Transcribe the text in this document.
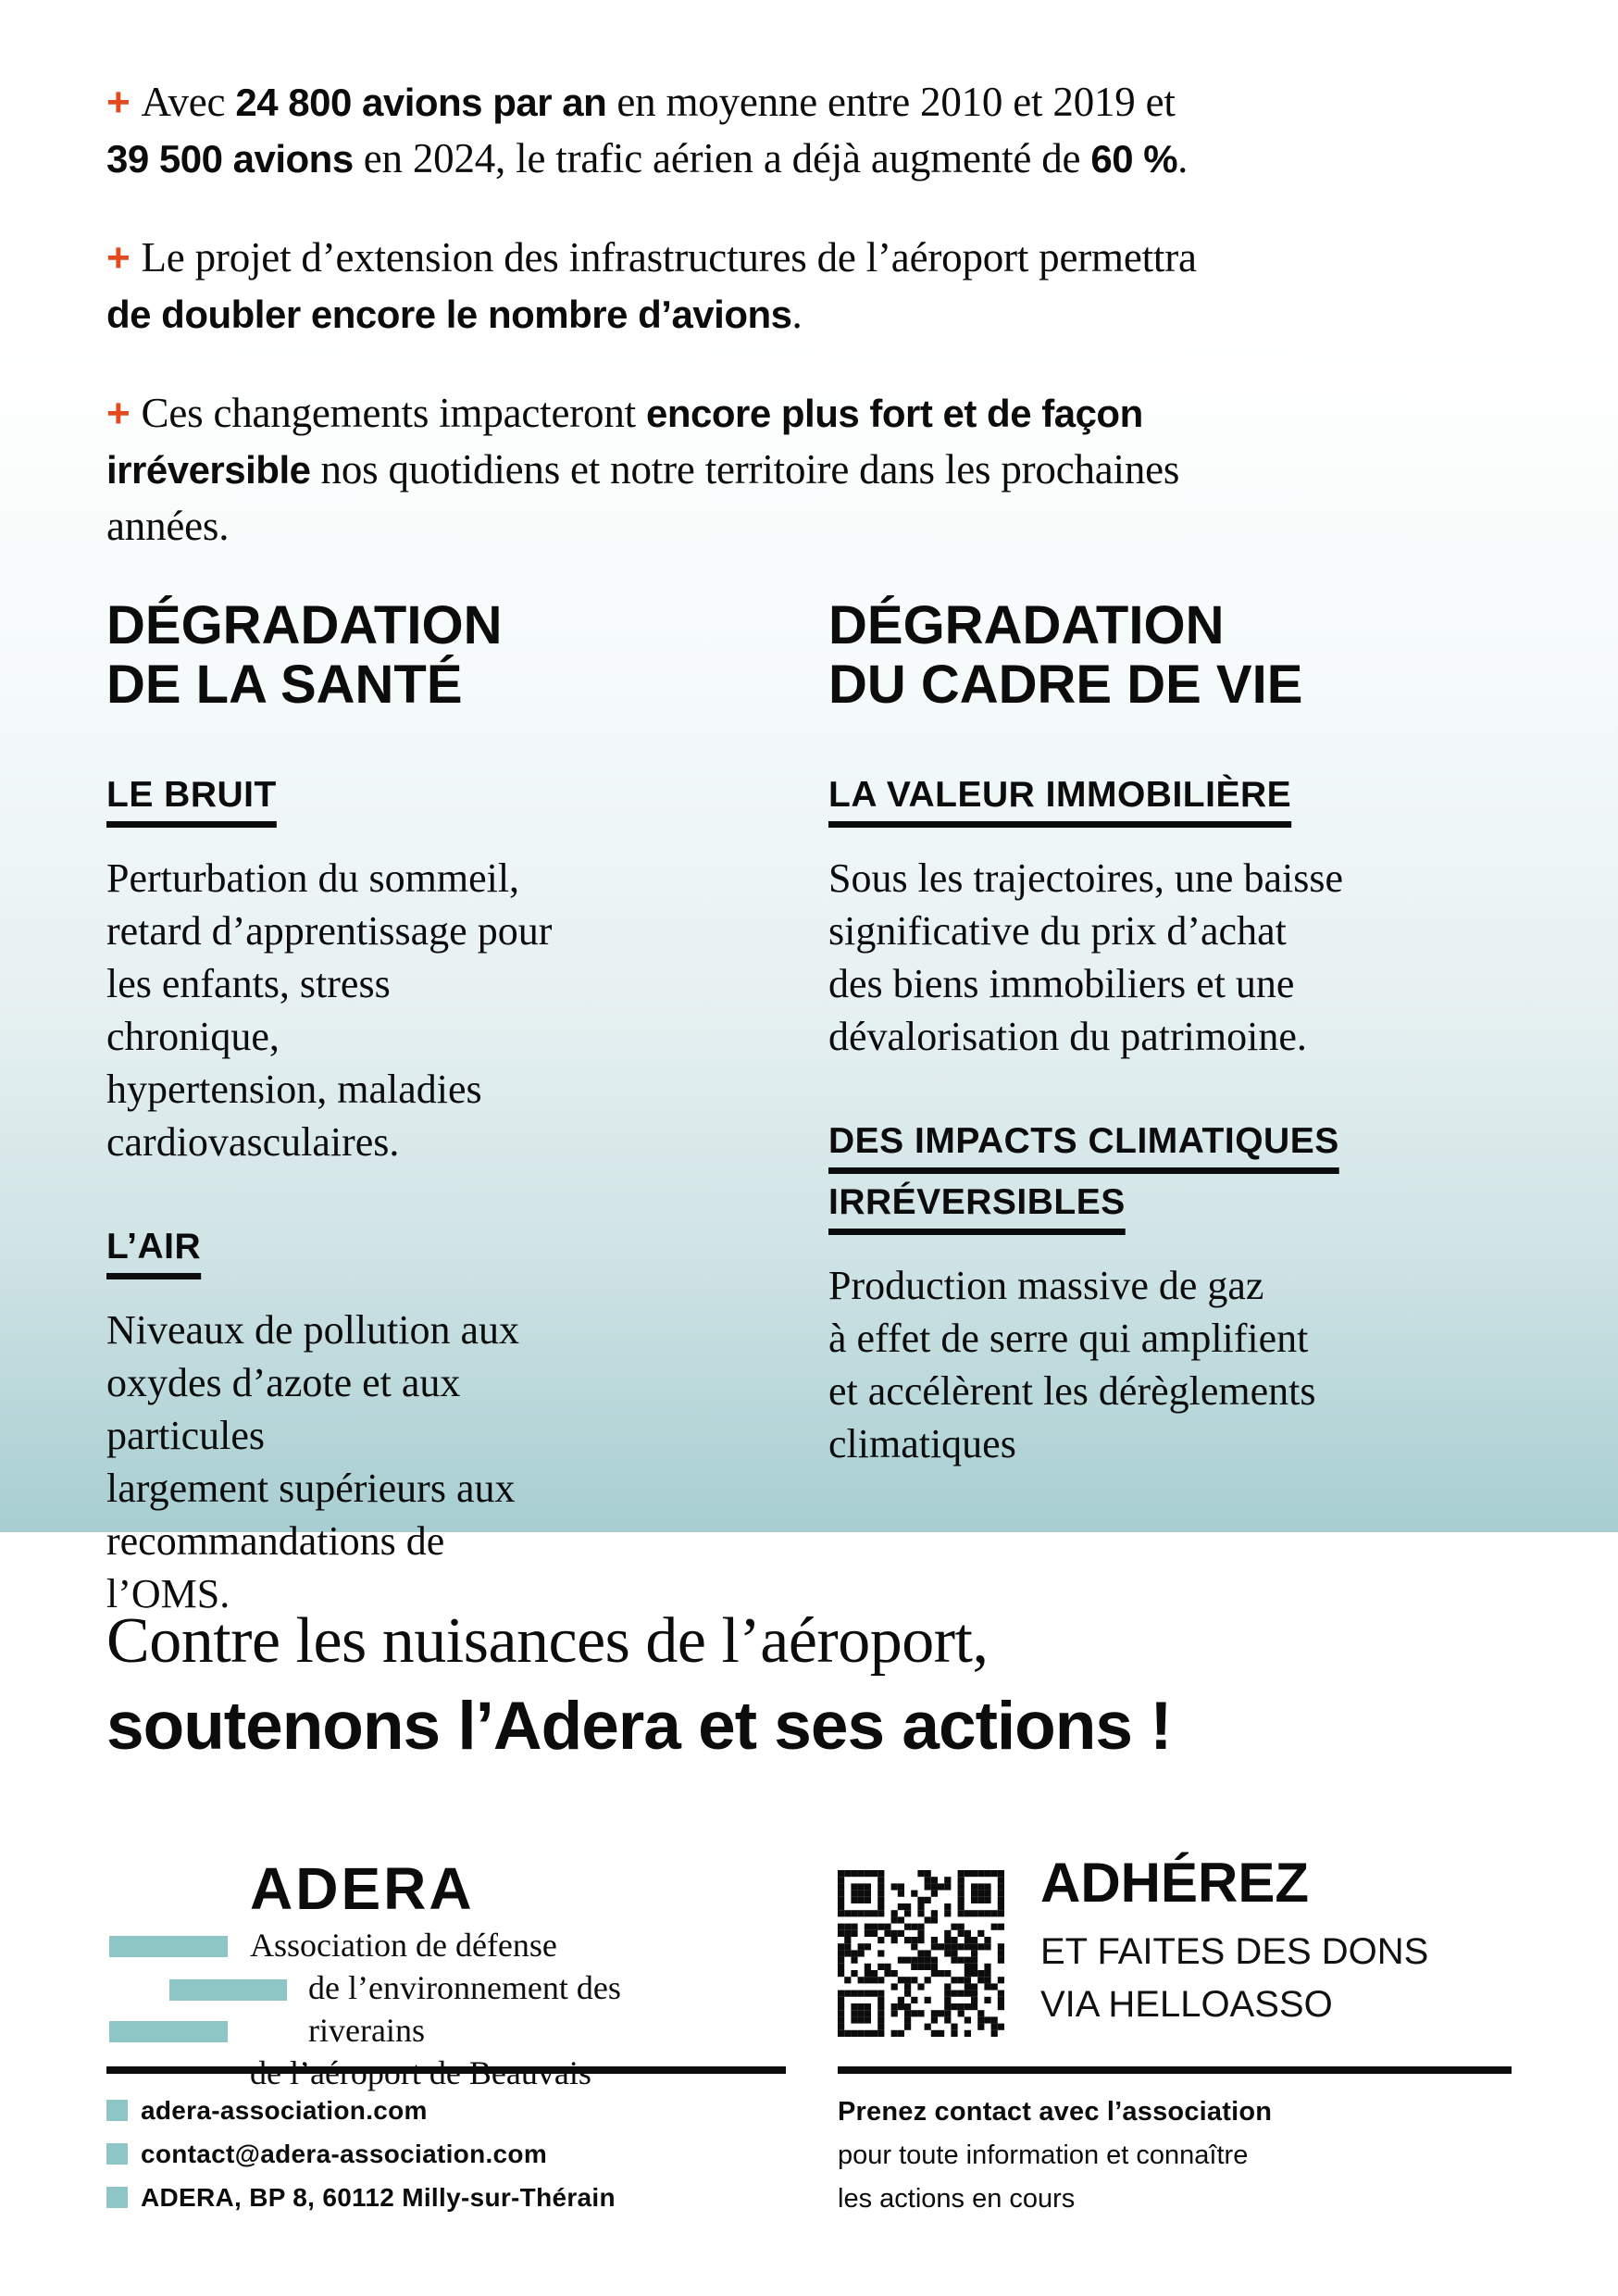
+ Avec 24 800 avions par an en moyenne entre 2010 et 2019 et
39 500 avions en 2024, le trafic aérien a déjà augmenté de 60 %.

+ Le projet d’extension des infrastructures de l’aéroport permettra
de doubler encore le nombre d’avions.

+ Ces changements impacteront encore plus fort et de façon
irréversible nos quotidiens et notre territoire dans les prochaines
années.

DÉGRADATION
DE LA SANTÉ
LE BRUIT

Perturbation du sommeil,
retard d’apprentissage pour
les enfants, stress chronique,
hypertension, maladies
cardiovasculaires.

L’AIR

Niveaux de pollution aux
oxydes d’azote et aux particules
largement supérieurs aux
recommandations de l’OMS.

DÉGRADATION
DU CADRE DE VIE
LA VALEUR IMMOBILIÈRE

Sous les trajectoires, une baisse
significative du prix d’achat
des biens immobiliers et une
dévalorisation du patrimoine.

DES IMPACTS CLIMATIQUES
IRRÉVERSIBLES

Production massive de gaz
à effet de serre qui amplifient
et accélèrent les dérèglements
climatiques

Contre les nuisances de l’aéroport,
soutenons l’Adera et ses actions !
ADERA
Association de défense
de l’environnement des riverains
adera-association.com
contact@adera-association.com
ADERA, BP 8, 60112 Milly-sur-Thérain
ADHÉREZ
ET FAITES DES DONS
VIA HELLOASSO
Prenez contact avec l’association
pour toute information et connaître
les actions en cours
